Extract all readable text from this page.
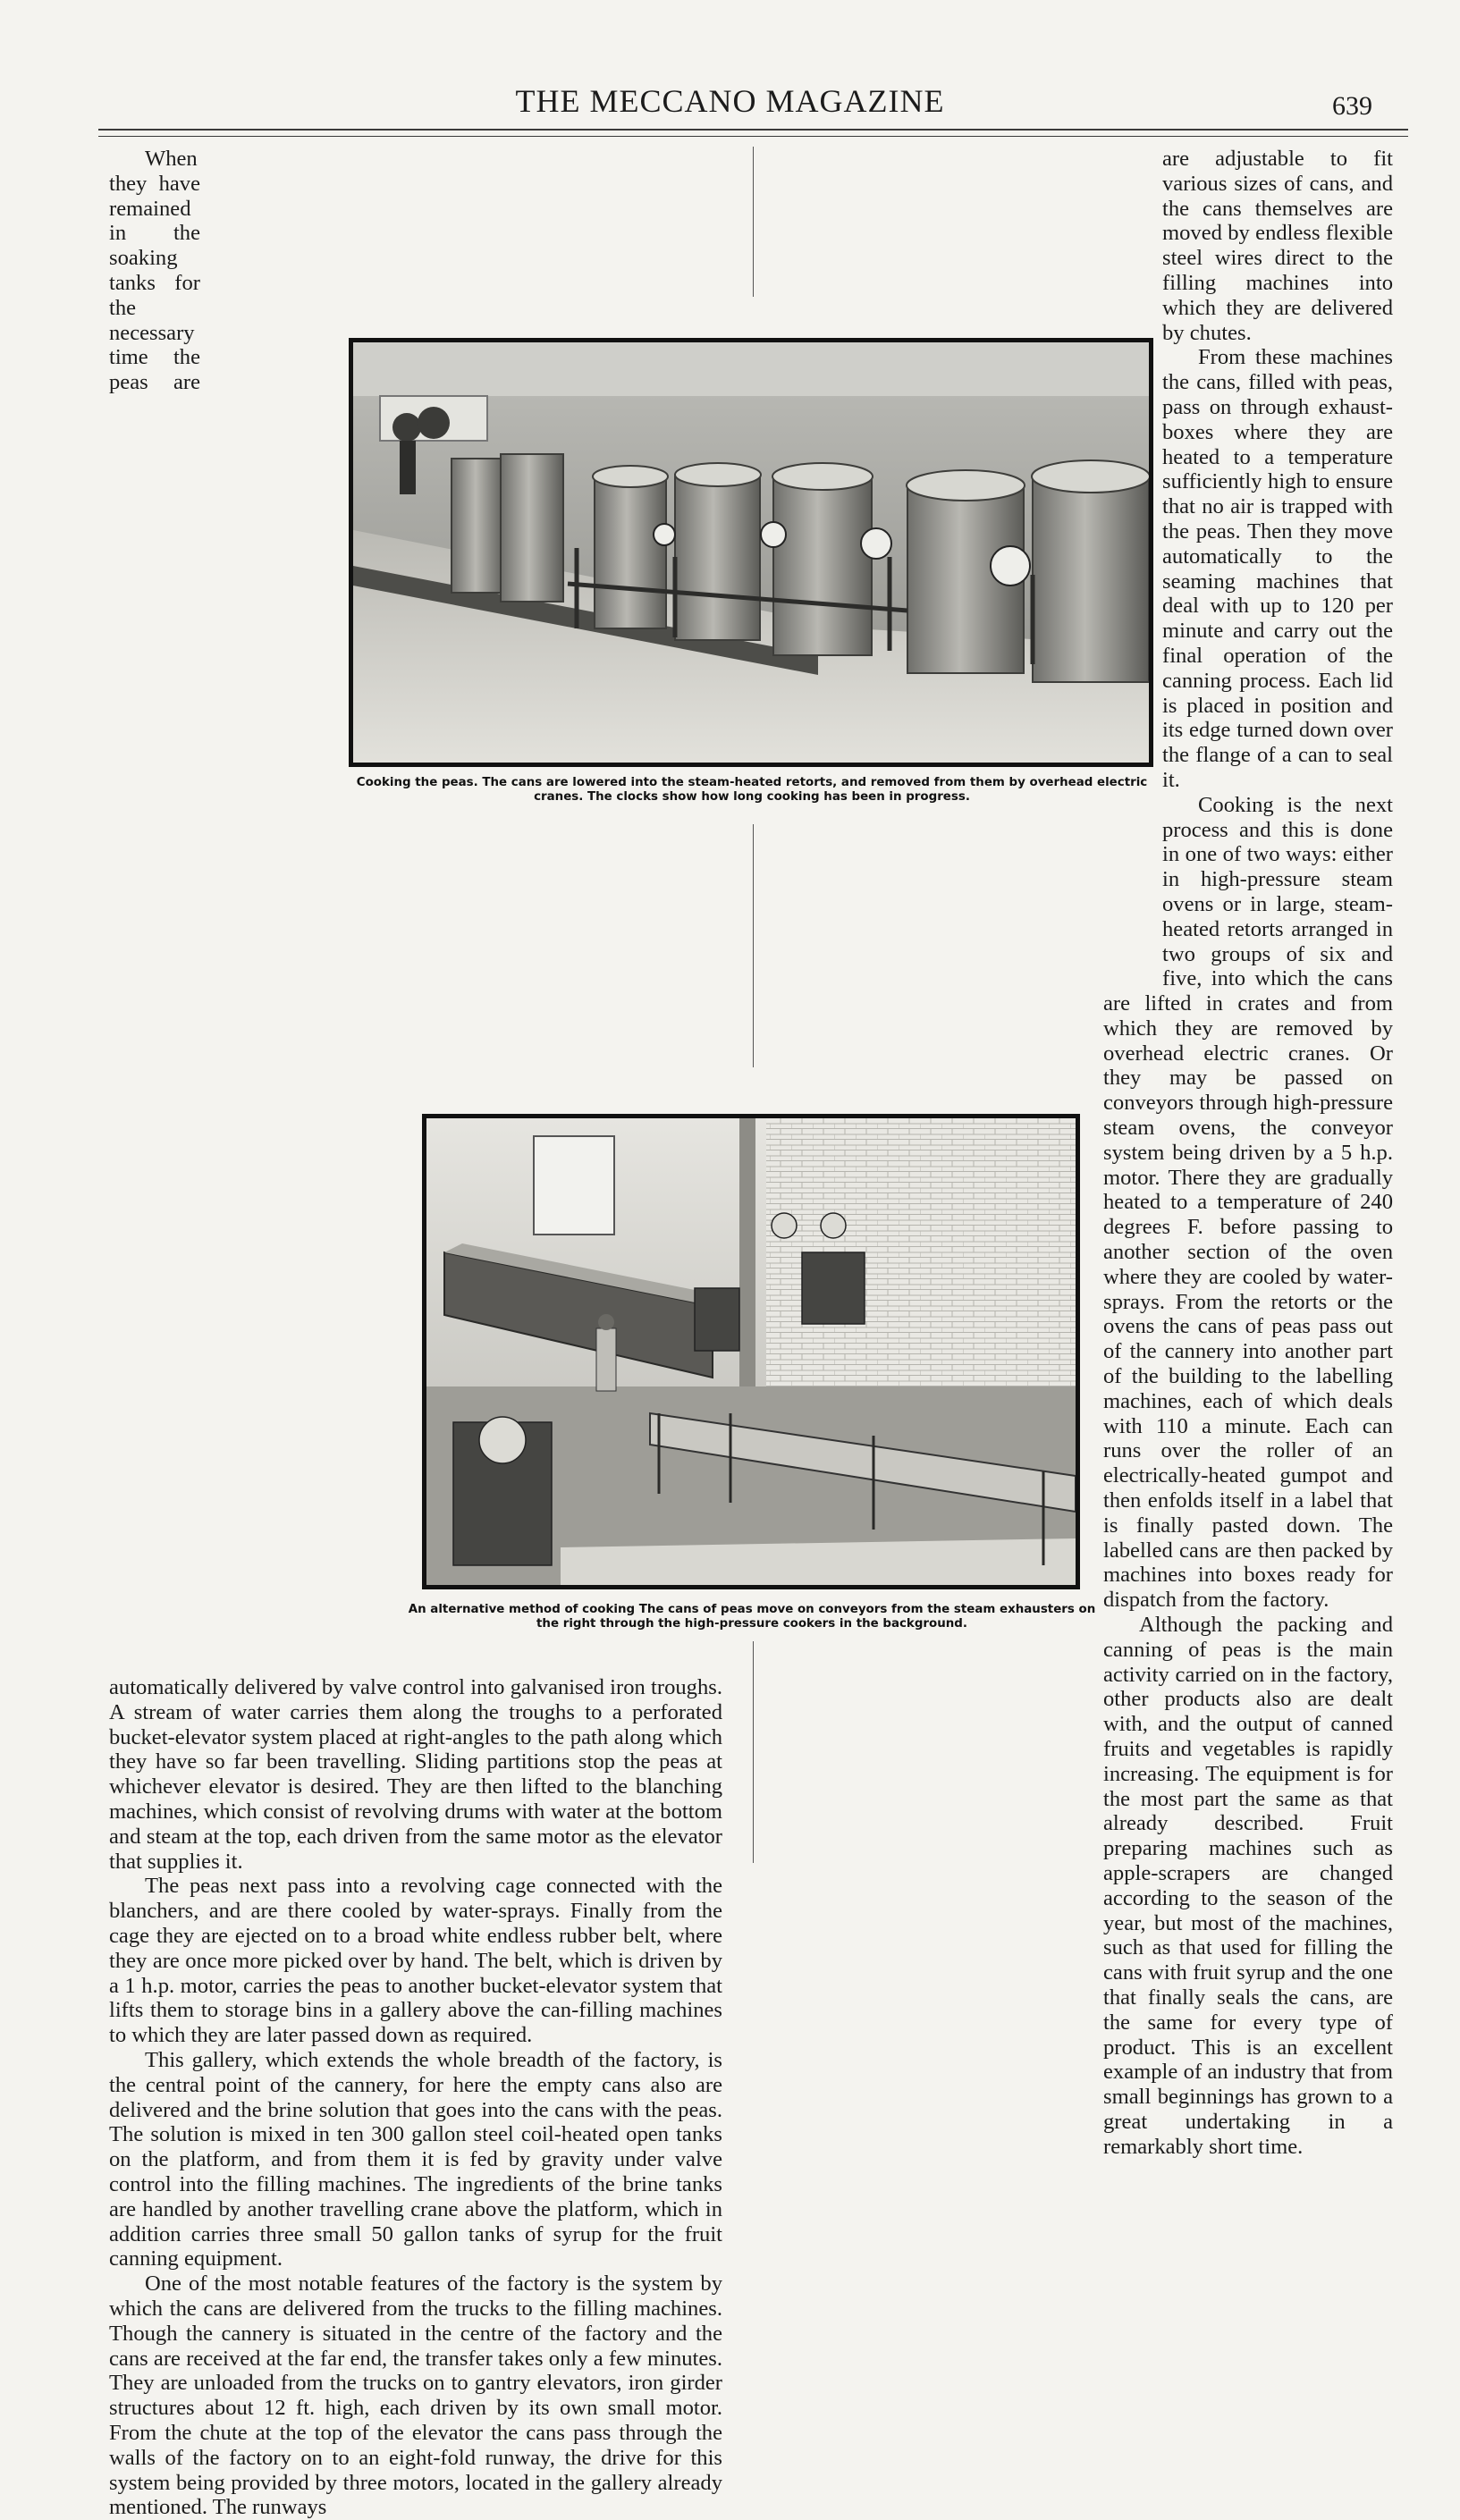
THE MECCANO MAGAZINE	639

When they have remained in the soaking tanks for the necessary time the peas are automatically delivered by valve control into galvanised iron troughs. A stream of water carries them along the troughs to a perforated bucket-elevator system placed at right-angles to the path along which they have so far been travelling. Sliding partitions stop the peas at whichever elevator is desired. They are then lifted to the blanching machines, which consist of revolving drums with water at the bottom and steam at the top, each driven from the same motor as the elevator that supplies it.

The peas next pass into a revolving cage connected with the blanchers, and are there cooled by water-sprays. Finally from the cage they are ejected on to a broad white endless rubber belt, where they are once more picked over by hand. The belt, which is driven by a 1 h.p. motor, carries the peas to another bucket-elevator system that lifts them to storage bins in a gallery above the can-filling machines to which they are later passed down as required.

This gallery, which extends the whole breadth of the factory, is the central point of the cannery, for here the empty cans also are delivered and the brine solution that goes into the cans with the peas. The solution is mixed in ten 300 gallon steel coil-heated open tanks on the platform, and from them it is fed by gravity under valve control into the filling machines. The ingredients of the brine tanks are handled by another travelling crane above the platform, which in addition carries three small 50 gallon tanks of syrup for the fruit canning equipment.

One of the most notable features of the factory is the system by which the cans are delivered from the trucks to the filling machines. Though the cannery is situated in the centre of the factory and the cans are received at the far end, the transfer takes only a few minutes. They are unloaded from the trucks on to gantry elevators, iron girder structures about 12 ft. high, each driven by its own small motor. From the chute at the top of the elevator the cans pass through the walls of the factory on to an eight-fold runway, the drive for this system being provided by three motors, located in the gallery already mentioned. The runways

are adjustable to fit various sizes of cans, and the cans themselves are moved by endless flexible steel wires direct to the filling machines into which they are delivered by chutes.

From these machines the cans, filled with peas, pass on through exhaust-boxes where they are heated to a temperature sufficiently high to ensure that no air is trapped with the peas. Then they move automatically to the seaming machines that deal with up to 120 per minute and carry out the final operation of the canning process. Each lid is placed in position and its edge turned down over the flange of a can to seal it.

Cooking is the next process and this is done in one of two ways: either in high-pressure steam ovens or in large, steam-heated retorts arranged in two groups of six and five, into which the cans are lifted in crates and from which they are removed by overhead electric cranes. Or they may be passed on conveyors through high-pressure steam ovens, the conveyor system being driven by a 5 h.p. motor. There they are gradually heated to a temperature of 240 degrees F. before passing to another section of the oven where they are cooled by water-sprays. From the retorts or the ovens the cans of peas pass out of the cannery into another part of the building to the labelling machines, each of which deals with 110 a minute. Each can runs over the roller of an electrically-heated gumpot and then enfolds itself in a label that is finally pasted down. The labelled cans are then packed by machines into boxes ready for dispatch from the factory.

Although the packing and canning of peas is the main activity carried on in the factory, other products also are dealt with, and the output of canned fruits and vegetables is rapidly increasing. The equipment is for the most part the same as that already described. Fruit preparing machines such as apple-scrapers are changed according to the season of the year, but most of the machines, such as that used for filling the cans with fruit syrup and the one that finally seals the cans, are the same for every type of product. This is an excellent example of an industry that from small beginnings has grown to a great undertaking in a remarkably short time.

Cooking the peas. The cans are lowered into the steam-heated retorts, and removed from them by overhead electric cranes. The clocks show how long cooking has been in progress.
An alternative method of cooking The cans of peas move on conveyors from the steam exhausters on the right through the high-pressure cookers in the background.
